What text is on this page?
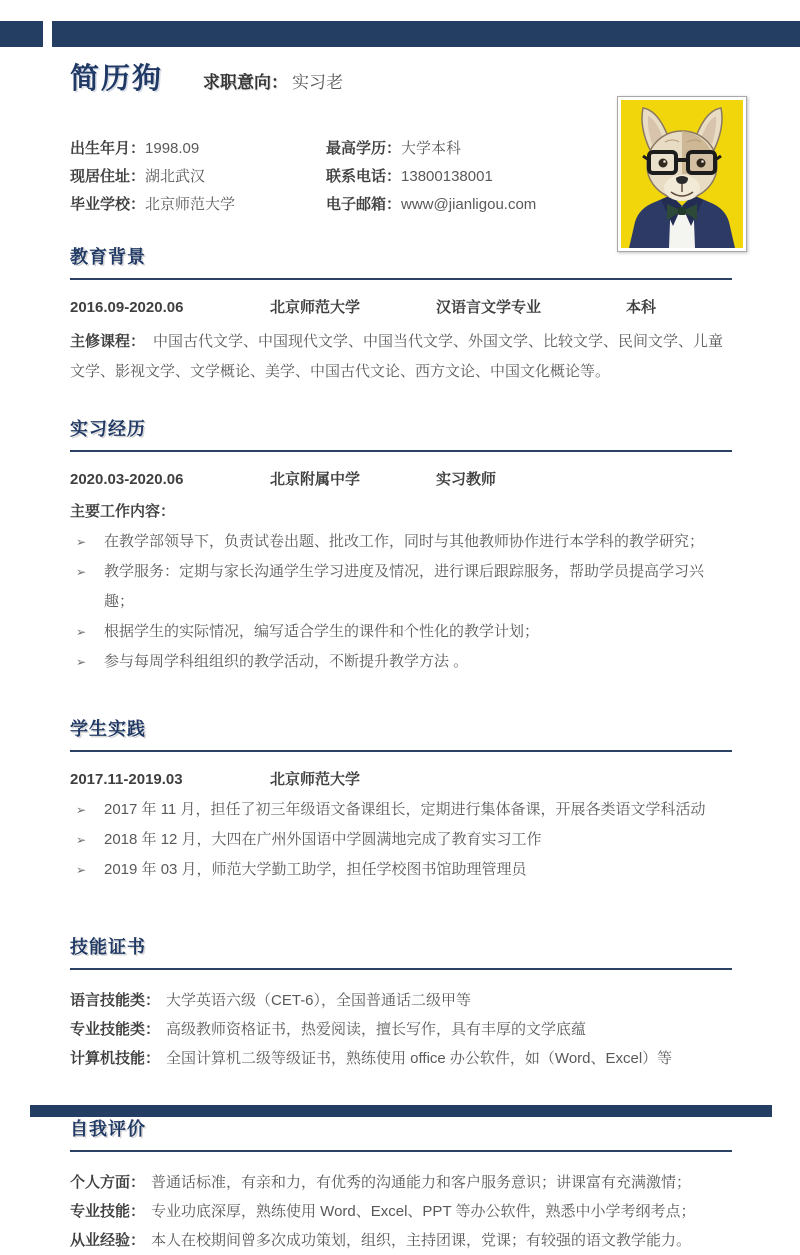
简历狗 求职意向： 实习老
出生年月：1998.09	最高学历：大学本科
现居住址：湖北武汉	联系电话：13800138001
毕业学校：北京师范大学	电子邮箱：www@jianligou.com
教育背景
2016.09-2020.06	北京师范大学	汉语言文学专业	本科
主修课程： 中国古代文学、中国现代文学、中国当代文学、外国文学、比较文学、民间文学、儿童文学、影视文学、文学概论、美学、中国古代文论、西方文论、中国文化概论等。
实习经历
2020.03-2020.06	北京附属中学	实习教师
主要工作内容：
➢	在教学部领导下，负责试卷出题、批改工作，同时与其他教师协作进行本学科的教学研究；
➢	教学服务：定期与家长沟通学生学习进度及情况，进行课后跟踪服务，帮助学员提高学习兴趣；
➢	根据学生的实际情况，编写适合学生的课件和个性化的教学计划；
➢	参与每周学科组组织的教学活动，不断提升教学方法 。
学生实践
2017.11-2019.03	北京师范大学
➢	2017 年 11 月，担任了初三年级语文备课组长，定期进行集体备课，开展各类语文学科活动
➢	2018 年 12 月，大四在广州外国语中学圆满地完成了教育实习工作
➢	2019 年 03 月，师范大学勤工助学，担任学校图书馆助理管理员
技能证书
语言技能类： 大学英语六级（CET-6），全国普通话二级甲等
专业技能类： 高级教师资格证书，热爱阅读，擅长写作，具有丰厚的文学底蕴
计算机技能： 全国计算机二级等级证书，熟练使用 office 办公软件，如（Word、Excel）等
自我评价
个人方面： 普通话标准，有亲和力，有优秀的沟通能力和客户服务意识；讲课富有充满激情；
专业技能： 专业功底深厚，熟练使用 Word、Excel、PPT 等办公软件，熟悉中小学考纲考点；
从业经验： 本人在校期间曾多次成功策划，组织，主持团课，党课；有较强的语文教学能力。
